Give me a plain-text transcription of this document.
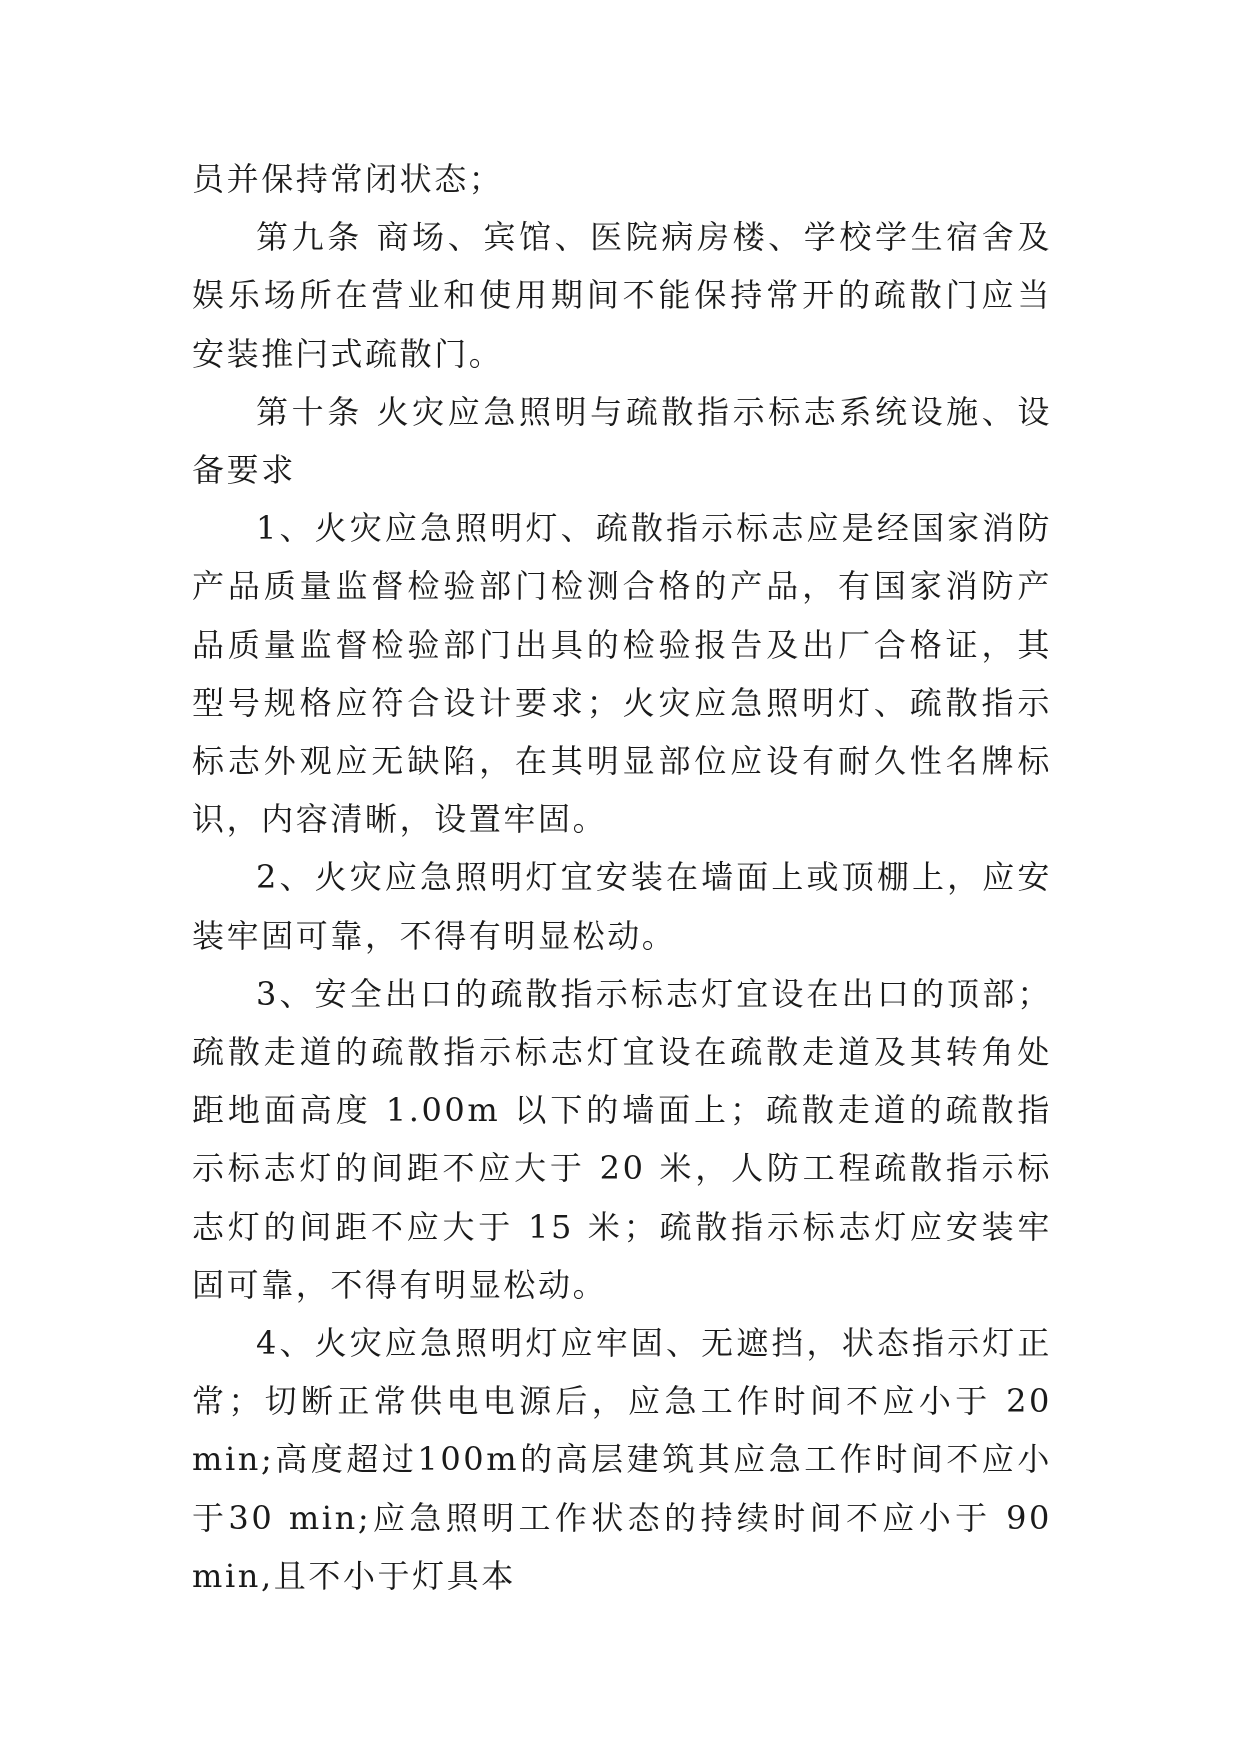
员并保持常闭状态；

第九条 商场、宾馆、医院病房楼、学校学生宿舍及娱乐场所在营业和使用期间不能保持常开的疏散门应当安装推闩式疏散门。

第十条 火灾应急照明与疏散指示标志系统设施、设备要求

1、火灾应急照明灯、疏散指示标志应是经国家消防产品质量监督检验部门检测合格的产品，有国家消防产品质量监督检验部门出具的检验报告及出厂合格证，其型号规格应符合设计要求；火灾应急照明灯、疏散指示标志外观应无缺陷，在其明显部位应设有耐久性名牌标识，内容清晰，设置牢固。

2、火灾应急照明灯宜安装在墙面上或顶棚上，应安装牢固可靠，不得有明显松动。

3、安全出口的疏散指示标志灯宜设在出口的顶部；疏散走道的疏散指示标志灯宜设在疏散走道及其转角处距地面高度 1.00m 以下的墙面上；疏散走道的疏散指示标志灯的间距不应大于 20 米，人防工程疏散指示标志灯的间距不应大于 15 米；疏散指示标志灯应安装牢固可靠，不得有明显松动。

4、火灾应急照明灯应牢固、无遮挡，状态指示灯正常；切断正常供电电源后，应急工作时间不应小于 20 min;高度超过100m的高层建筑其应急工作时间不应小于30 min;应急照明工作状态的持续时间不应小于 90 min,且不小于灯具本
